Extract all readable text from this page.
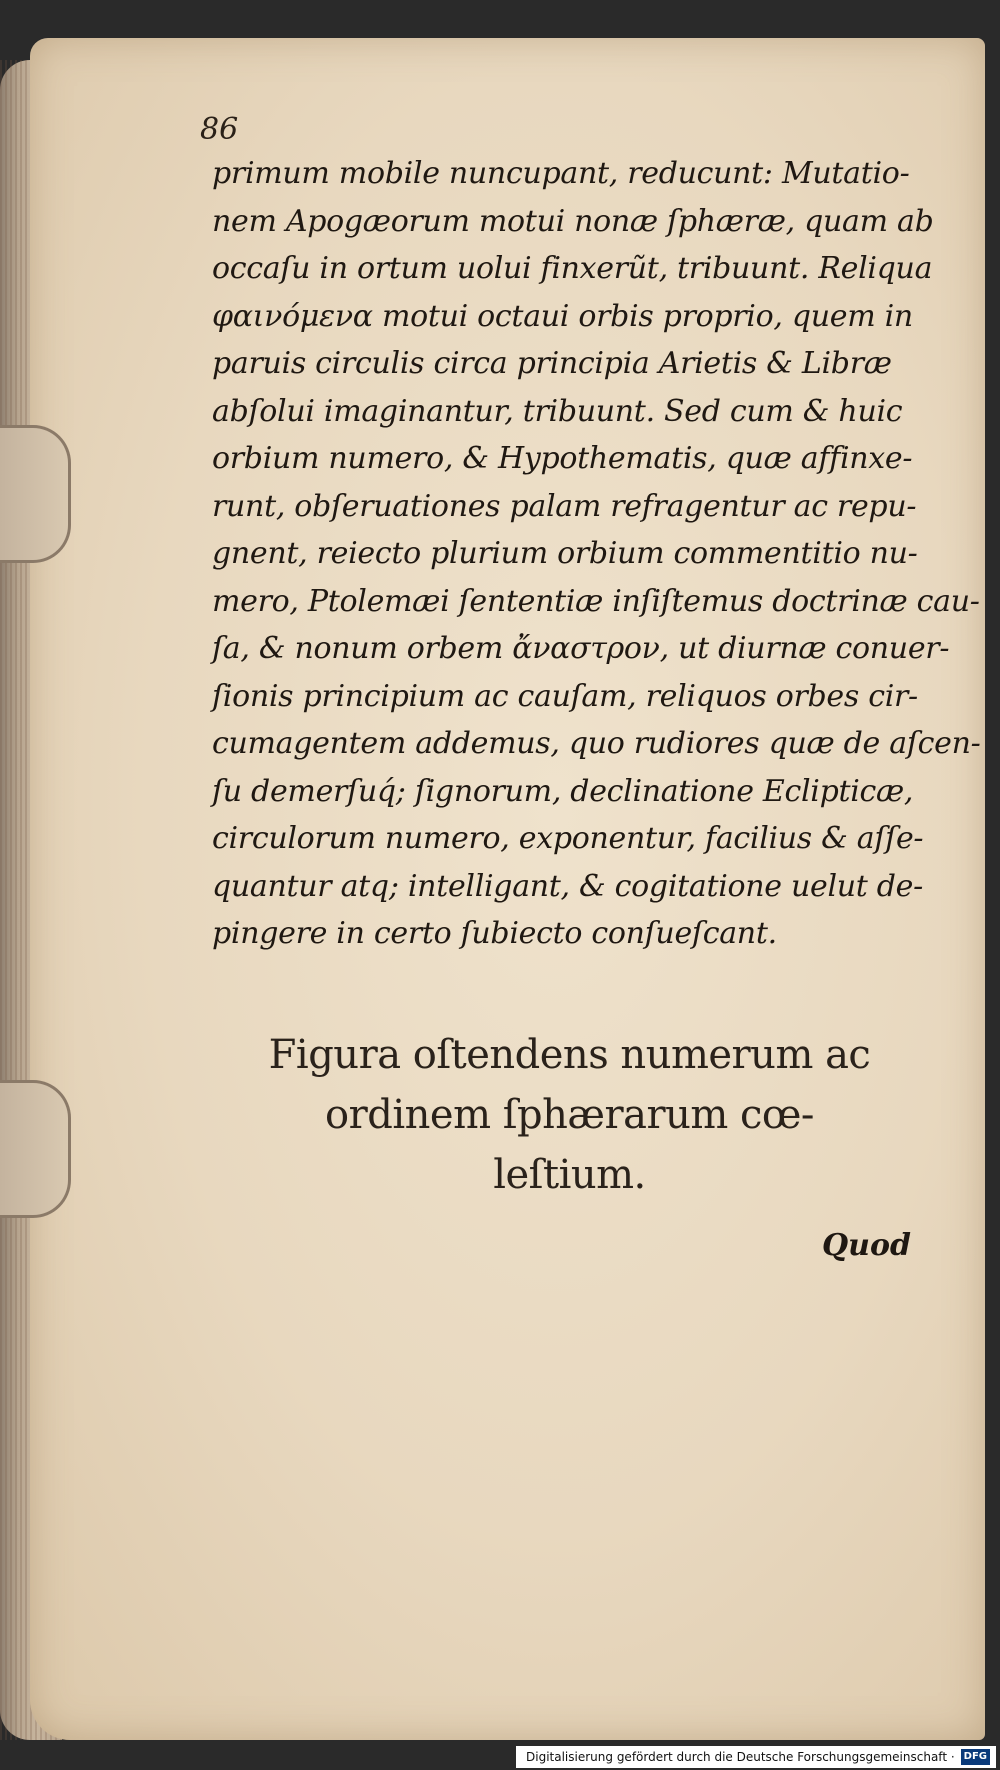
86
primum mobile nuncupant, reducunt: Mutatio-
nem Apogæorum motui nonæ ſphæræ, quam ab
occaſu in ortum uolui finxerũt, tribuunt. Reliqua
φαινόμενα motui octaui orbis proprio, quem in
paruis circulis circa principia Arietis & Libræ
abſolui imaginantur, tribuunt. Sed cum & huic
orbium numero, & Hypothematis, quæ affinxe-
runt, obſeruationes palam refragentur ac repu-
gnent, reiecto plurium orbium commentitio nu-
mero, Ptolemæi ſententiæ inſiſtemus doctrinæ cau-
ſa, & nonum orbem ἄναστρον, ut diurnæ conuer-
ſionis principium ac cauſam, reliquos orbes cir-
cumagentem addemus, quo rudiores quæ de aſcen-
ſu demerſuq́; ſignorum, declinatione Eclipticæ,
circulorum numero, exponentur, facilius & aſſe-
quantur atq; intelligant, & cogitatione uelut de-
pingere in certo ſubiecto conſueſcant.
Figura oſtendens numerum ac
ordinem ſphærarum cœ-
leſtium.
Quod
Digitalisierung gefördert durch die Deutsche Forschungsgemeinschaft · DFG
